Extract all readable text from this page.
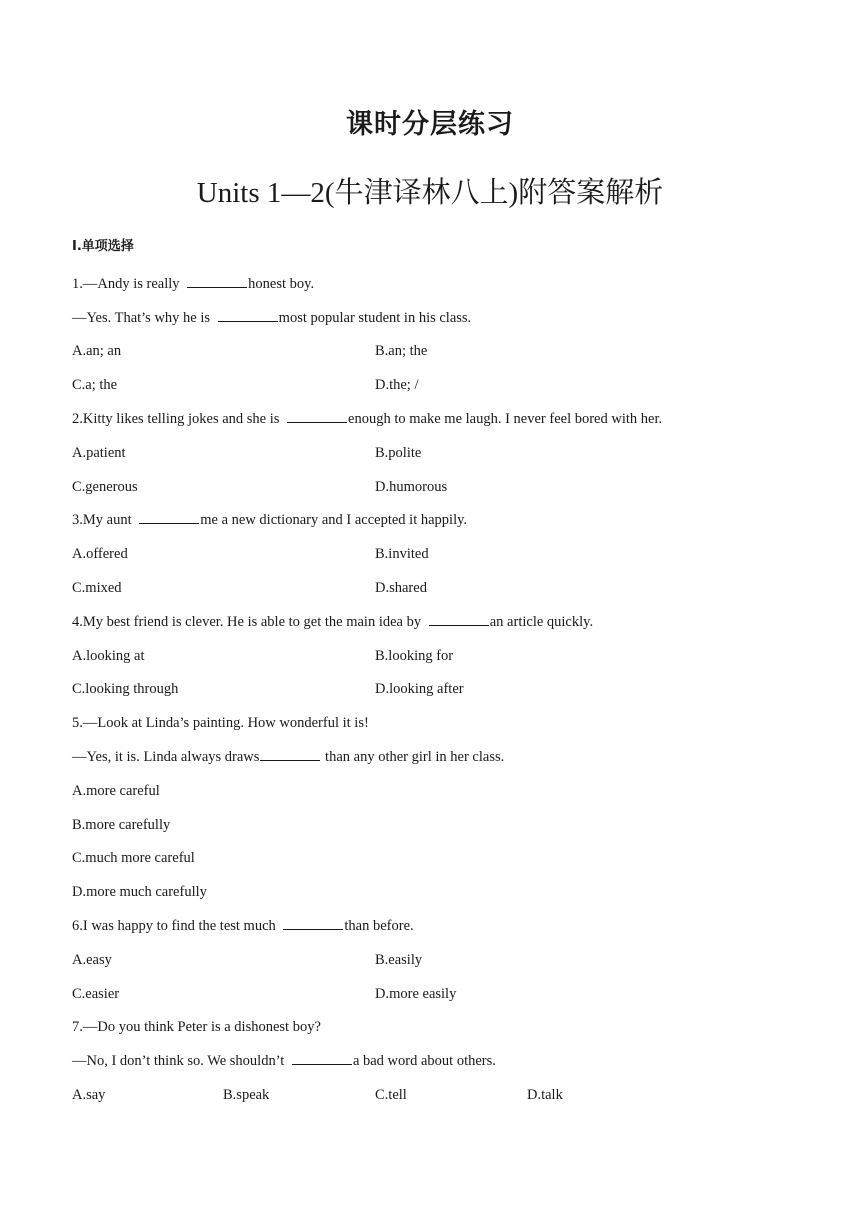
课时分层练习
Units 1—2(牛津译林八上)附答案解析
I.单项选择
1.—Andy is really	honest boy.
—Yes. That’s why he is	most popular student in his class.
A.an; an	B.an; the
C.a; the	D.the; /
2.Kitty likes telling jokes and she is	enough to make me laugh. I never feel bored with her.
A.patient	B.polite
C.generous	D.humorous
3.My aunt	me a new dictionary and I accepted it happily.
A.offered	B.invited
C.mixed	D.shared
4.My best friend is clever. He is able to get the main idea by	an article quickly.
A.looking at	B.looking for
C.looking through	D.looking after
5.—Look at Linda’s painting. How wonderful it is!
—Yes, it is. Linda always draws	than any other girl in her class.
A.more careful
B.more carefully
C.much more careful
D.more much carefully
6.I was happy to find the test much	than before.
A.easy	B.easily
C.easier	D.more easily
7.—Do you think Peter is a dishonest boy?
—No, I don’t think so. We shouldn’t	a bad word about others.
A.say	B.speak	C.tell	D.talk
